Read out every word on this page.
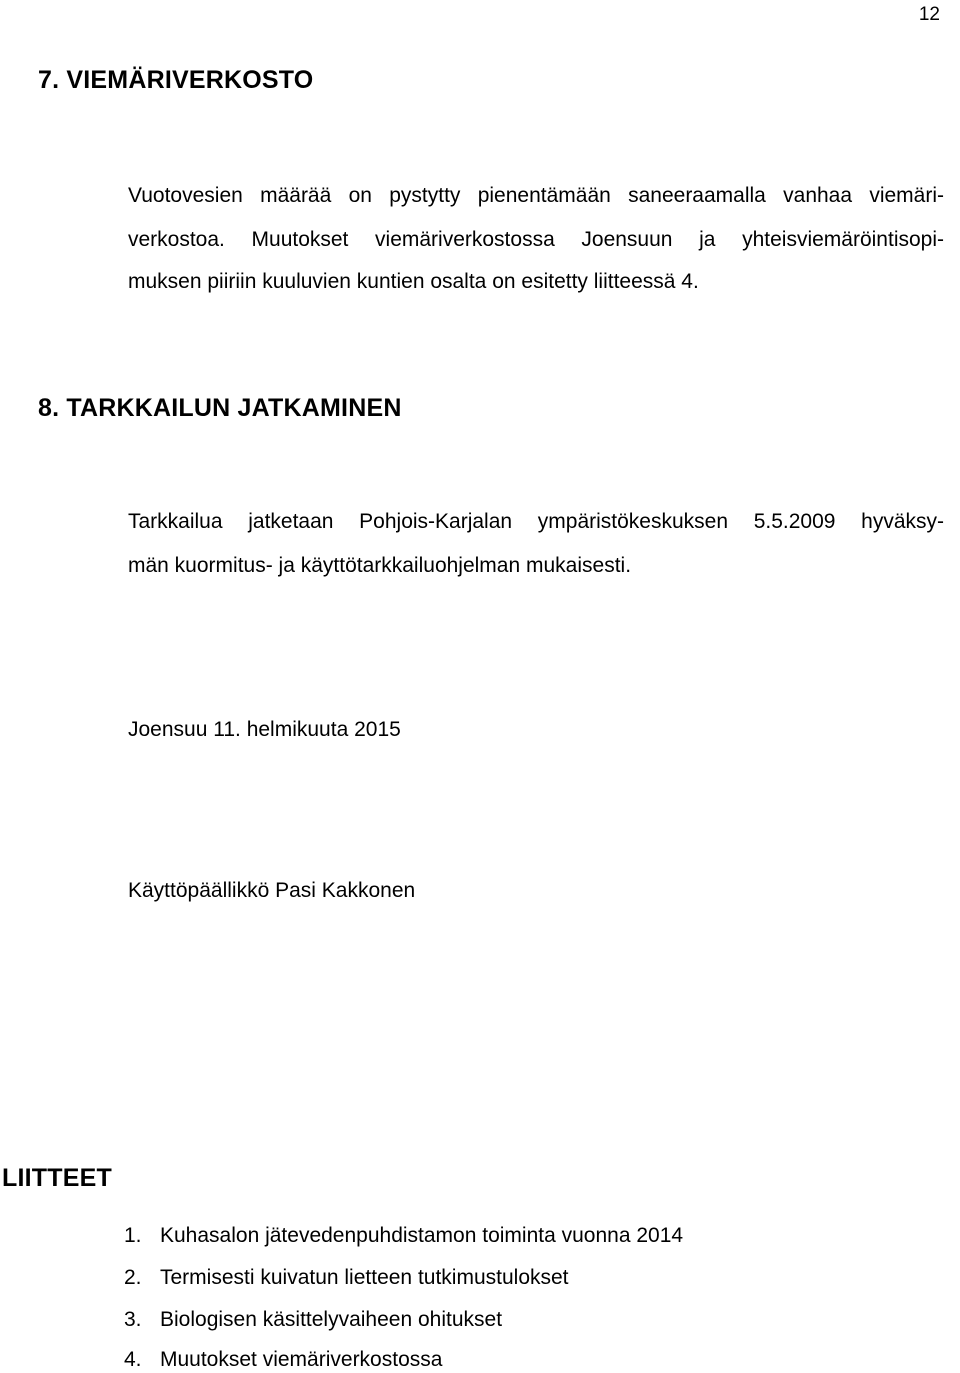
12
7. VIEMÄRIVERKOSTO
Vuotovesien määrää on pystytty pienentämään saneeraamalla vanhaa viemäri-
verkostoa. Muutokset viemäriverkostossa Joensuun ja yhteisviemäröintisopi-
muksen piiriin kuuluvien kuntien osalta on esitetty liitteessä 4.
8. TARKKAILUN JATKAMINEN
Tarkkailua jatketaan Pohjois-Karjalan ympäristökeskuksen 5.5.2009 hyväksy-
män kuormitus- ja käyttötarkkailuohjelman mukaisesti.
Joensuu 11. helmikuuta 2015
Käyttöpäällikkö Pasi Kakkonen
LIITTEET
1. Kuhasalon jätevedenpuhdistamon toiminta vuonna 2014
2. Termisesti kuivatun lietteen tutkimustulokset
3. Biologisen käsittelyvaiheen ohitukset
4. Muutokset viemäriverkostossa
